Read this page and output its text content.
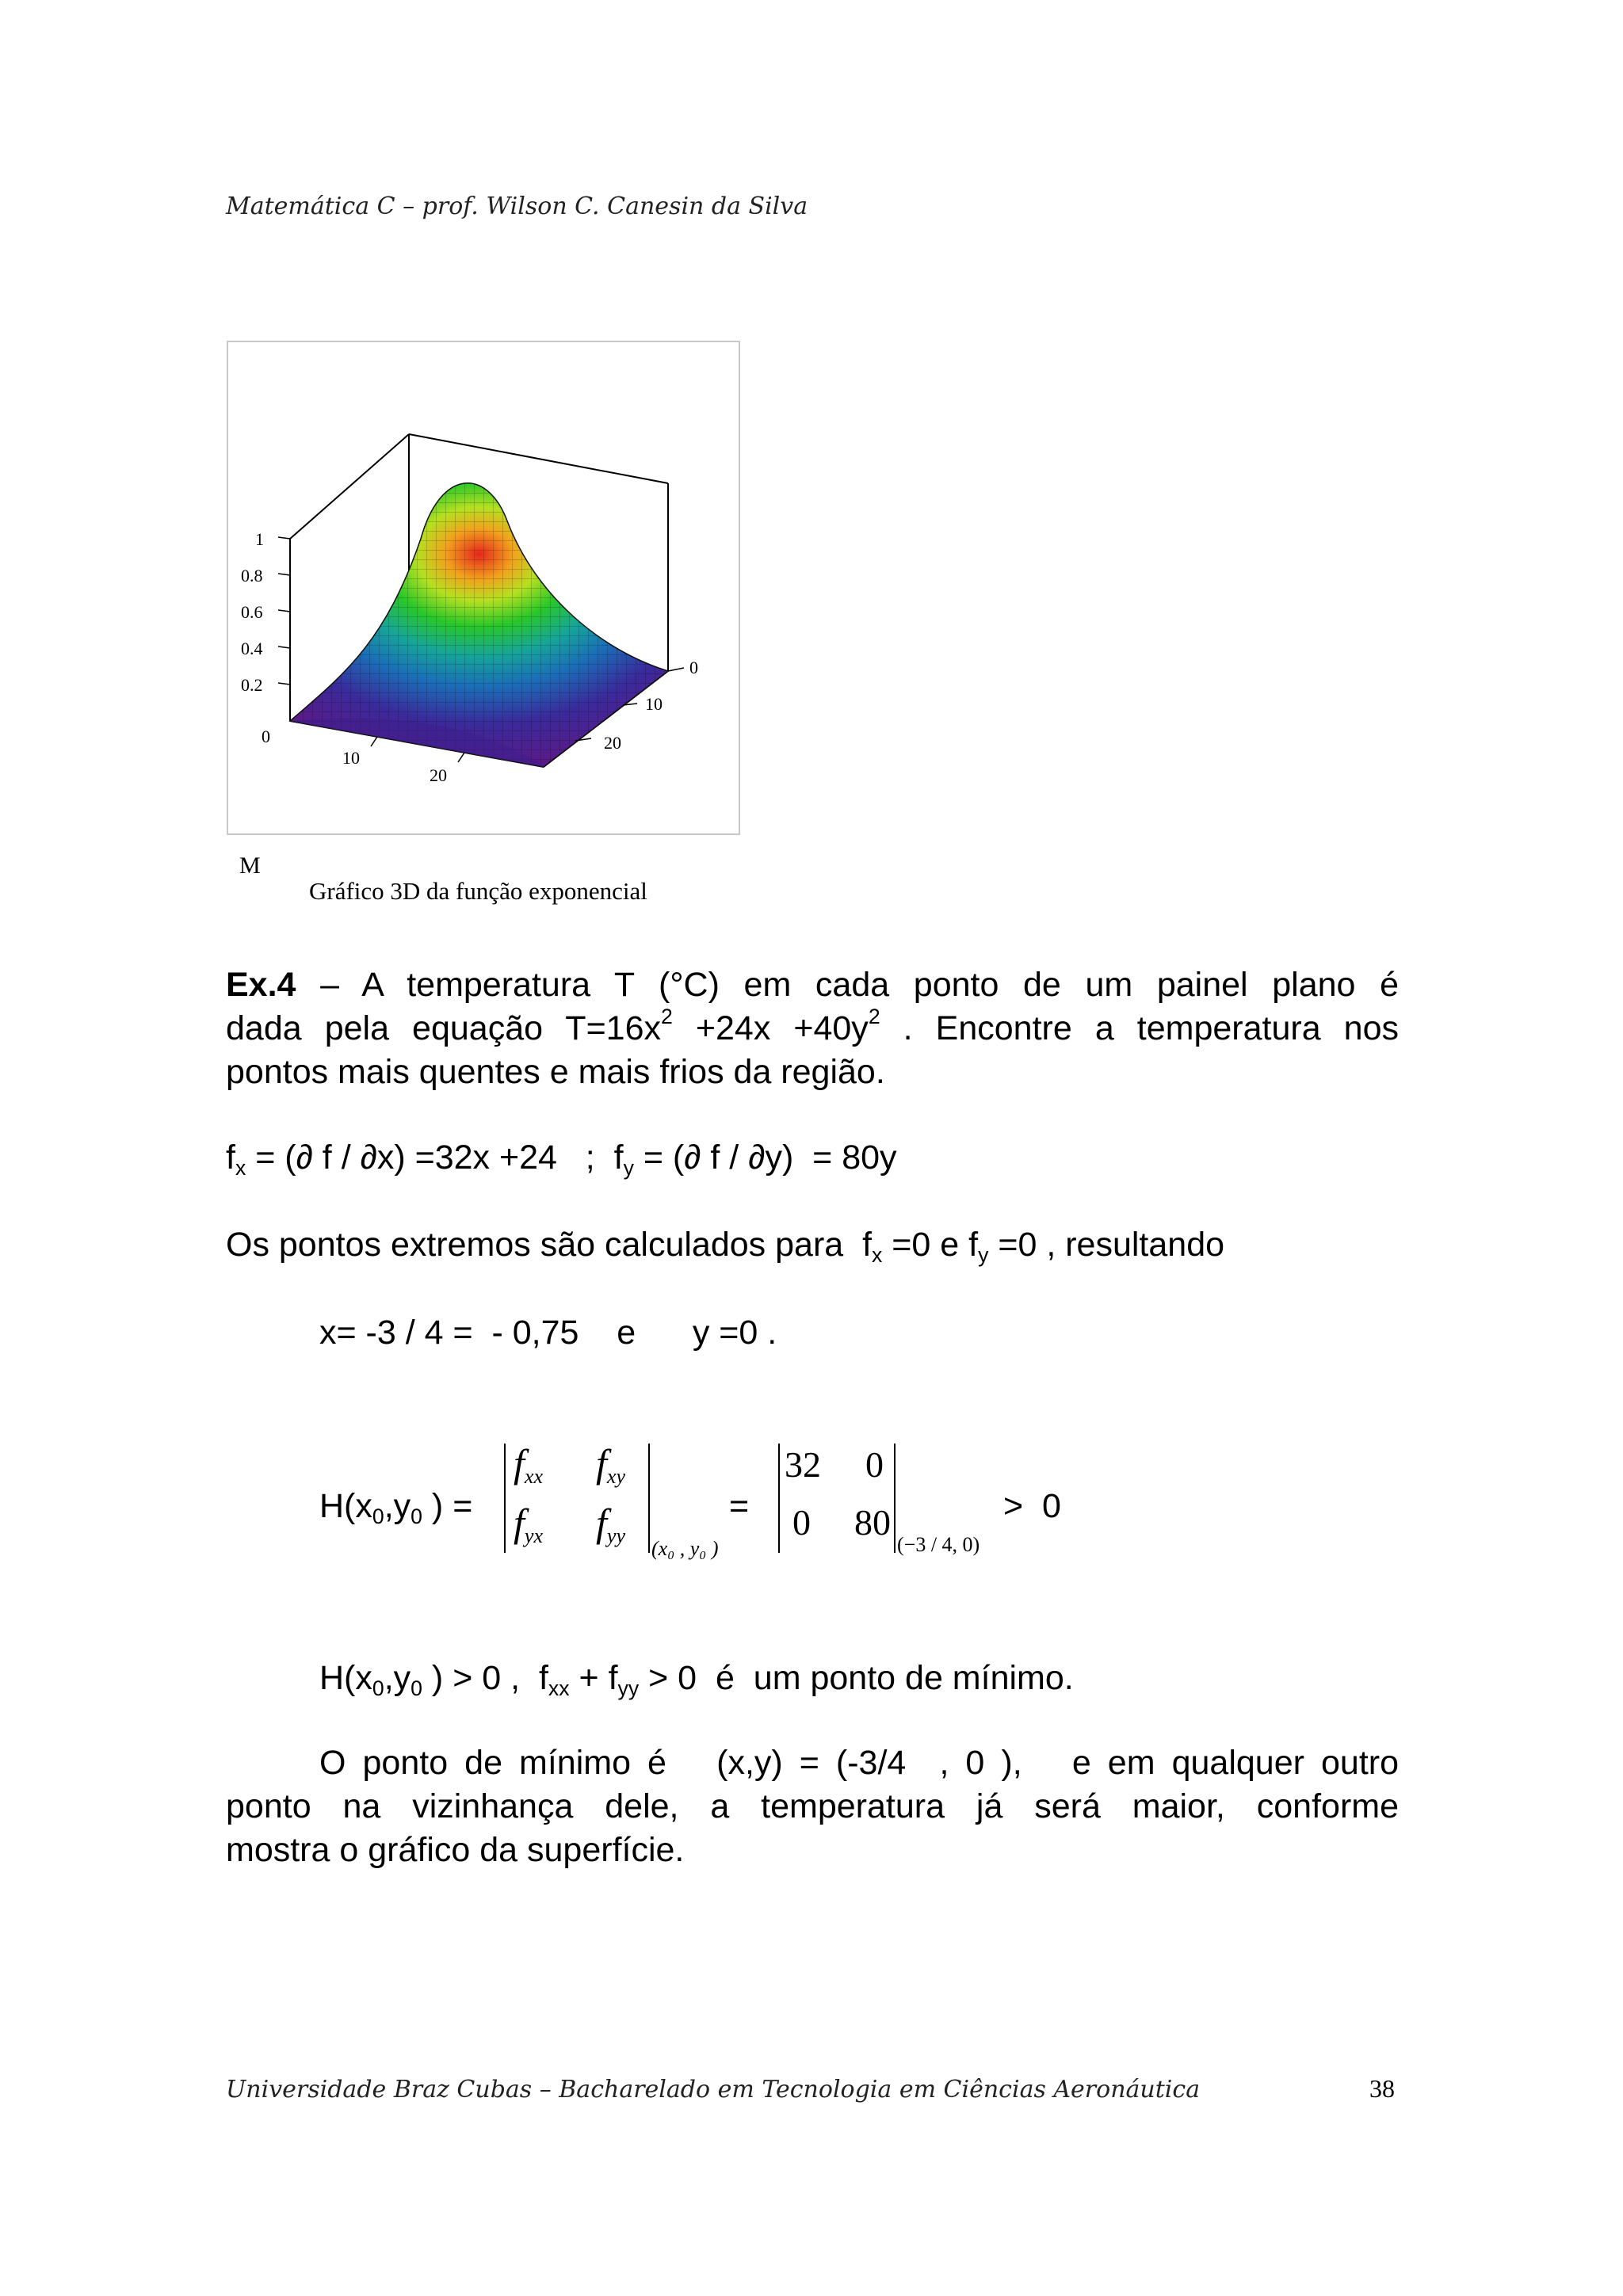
Matemática C – prof. Wilson C. Canesin da Silva
1
0.8
0.6
0.4
0.2
0
10
20
0
10
20
M
Gráfico 3D da função exponencial
Ex.4 – A temperatura T (°C) em cada ponto de um painel plano é
dada pela equação $T=16x^2 +24x +40y^2$ . Encontre a temperatura nos
pontos mais quentes e mais frios da região.
$f_x$ = (∂ f / ∂x) =32x +24   ;  $f_y$ = (∂ f / ∂y)  = 80y
Os pontos extremos são calculados para  $f_x =0$ e $f_y =0$ , resultando
x= -3 / 4 =  - 0,75    e      y =0 .
$H(x_0,y_0$ ) =
$f_{xx}$ $f_{xy}$
$f_{yx}$ $f_{yy}$
(x₀ , y₀ )
=
32 0
0 80
(−3 / 4, 0)
>  0
$H(x_0,y_0$ ) > 0 ,  $f_{xx} + f_{yy} > 0$  é  um ponto de mínimo.
O ponto de mínimo é   (x,y) = (-3/4  , 0 ),   e em qualquer outro
ponto na vizinhança dele, a temperatura já será maior, conforme
mostra o gráfico da superfície.
Universidade Braz Cubas – Bacharelado em Tecnologia em Ciências Aeronáutica	38
